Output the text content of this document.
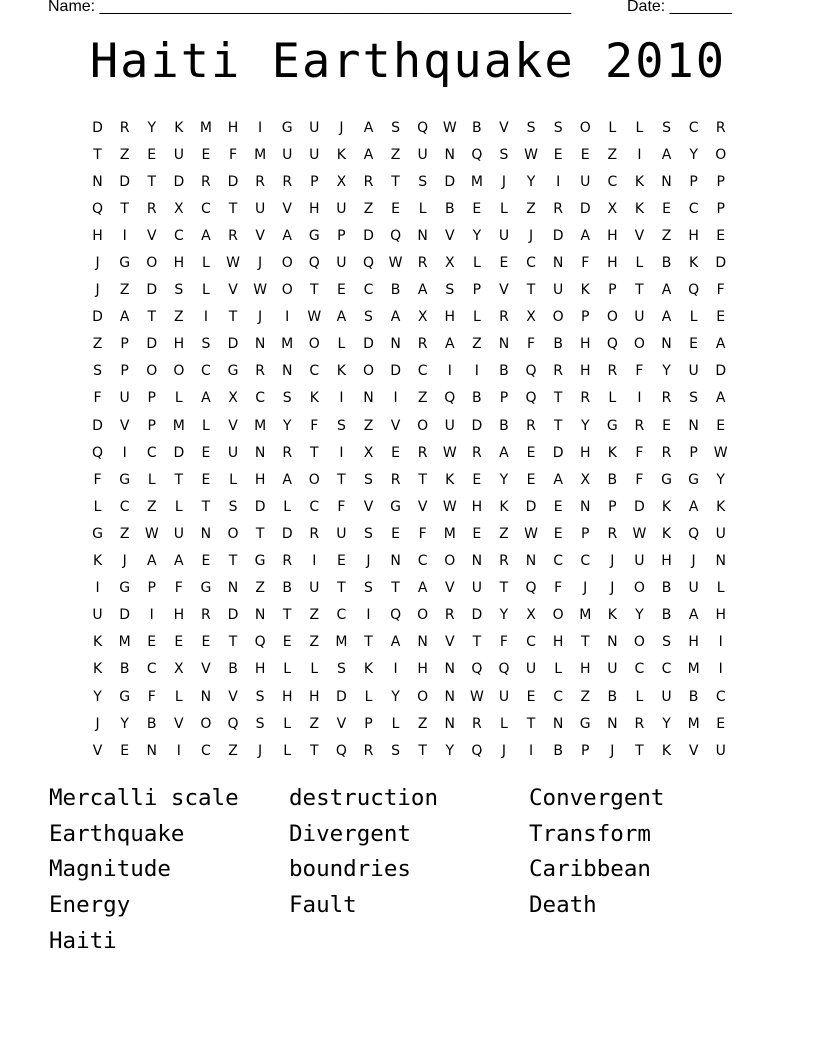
Name: _____________________________________________________	Date: _______
Haiti Earthquake 2010
D	R	Y	K	M	H	I	G	U	J	A	S	Q	W	B	V	S	S	O	L	L	S	C	R
T	Z	E	U	E	F	M	U	U	K	A	Z	U	N	Q	S	W	E	E	Z	I	A	Y	O
N	D	T	D	R	D	R	R	P	X	R	T	S	D	M	J	Y	I	U	C	K	N	P	P
Q	T	R	X	C	T	U	V	H	U	Z	E	L	B	E	L	Z	R	D	X	K	E	C	P
H	I	V	C	A	R	V	A	G	P	D	Q	N	V	Y	U	J	D	A	H	V	Z	H	E
J	G	O	H	L	W	J	O	Q	U	Q	W	R	X	L	E	C	N	F	H	L	B	K	D
J	Z	D	S	L	V	W	O	T	E	C	B	A	S	P	V	T	U	K	P	T	A	Q	F
D	A	T	Z	I	T	J	I	W	A	S	A	X	H	L	R	X	O	P	O	U	A	L	E
Z	P	D	H	S	D	N	M	O	L	D	N	R	A	Z	N	F	B	H	Q	O	N	E	A
S	P	O	O	C	G	R	N	C	K	O	D	C	I	I	B	Q	R	H	R	F	Y	U	D
F	U	P	L	A	X	C	S	K	I	N	I	Z	Q	B	P	Q	T	R	L	I	R	S	A
D	V	P	M	L	V	M	Y	F	S	Z	V	O	U	D	B	R	T	Y	G	R	E	N	E
Q	I	C	D	E	U	N	R	T	I	X	E	R	W	R	A	E	D	H	K	F	R	P	W
F	G	L	T	E	L	H	A	O	T	S	R	T	K	E	Y	E	A	X	B	F	G	G	Y
L	C	Z	L	T	S	D	L	C	F	V	G	V	W	H	K	D	E	N	P	D	K	A	K
G	Z	W	U	N	O	T	D	R	U	S	E	F	M	E	Z	W	E	P	R	W	K	Q	U
K	J	A	A	E	T	G	R	I	E	J	N	C	O	N	R	N	C	C	J	U	H	J	N
I	G	P	F	G	N	Z	B	U	T	S	T	A	V	U	T	Q	F	J	J	O	B	U	L
U	D	I	H	R	D	N	T	Z	C	I	Q	O	R	D	Y	X	O	M	K	Y	B	A	H
K	M	E	E	E	T	Q	E	Z	M	T	A	N	V	T	F	C	H	T	N	O	S	H	I
K	B	C	X	V	B	H	L	L	S	K	I	H	N	Q	Q	U	L	H	U	C	C	M	I
Y	G	F	L	N	V	S	H	H	D	L	Y	O	N	W	U	E	C	Z	B	L	U	B	C
J	Y	B	V	O	Q	S	L	Z	V	P	L	Z	N	R	L	T	N	G	N	R	Y	M	E
V	E	N	I	C	Z	J	L	T	Q	R	S	T	Y	Q	J	I	B	P	J	T	K	V	U
Mercalli scale
Earthquake
Magnitude
Energy
Haiti
destruction
Divergent
boundries
Fault
Convergent
Transform
Caribbean
Death
